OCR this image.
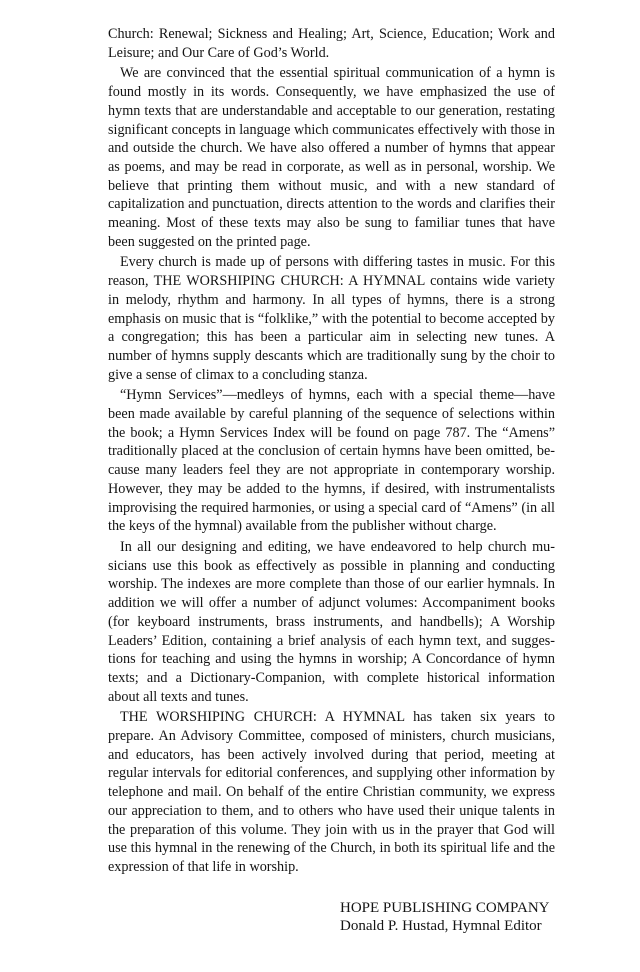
Church: Renewal; Sickness and Healing; Art, Science, Education; Work and Leisure; and Our Care of God’s World.

We are convinced that the essential spiritual communication of a hymn is found mostly in its words. Consequently, we have emphasized the use of hymn texts that are understandable and acceptable to our generation, restating significant concepts in language which communicates effectively with those in and outside the church. We have also offered a number of hymns that appear as poems, and may be read in corporate, as well as in personal, worship. We believe that printing them without music, and with a new standard of capitalization and punctuation, directs attention to the words and clarifies their meaning. Most of these texts may also be sung to familiar tunes that have been suggested on the printed page.

Every church is made up of persons with differing tastes in music. For this reason, THE WORSHIPING CHURCH: A HYMNAL contains wide variety in melody, rhythm and harmony. In all types of hymns, there is a strong emphasis on music that is “folklike,” with the potential to become accepted by a congregation; this has been a particular aim in selecting new tunes. A number of hymns supply descants which are traditionally sung by the choir to give a sense of climax to a concluding stanza.

“Hymn Services”—medleys of hymns, each with a special theme—have been made available by careful planning of the sequence of selections within the book; a Hymn Services Index will be found on page 787. The “Amens” traditionally placed at the conclusion of certain hymns have been omitted, because many leaders feel they are not appropriate in contemporary worship. However, they may be added to the hymns, if desired, with instrumentalists improvising the required harmonies, or using a special card of “Amens” (in all the keys of the hymnal) available from the publisher without charge.

In all our designing and editing, we have endeavored to help church musicians use this book as effectively as possible in planning and conducting worship. The indexes are more complete than those of our earlier hymnals. In addition we will offer a number of adjunct volumes: Accompaniment books (for keyboard instruments, brass instruments, and handbells); A Worship Leaders’ Edition, containing a brief analysis of each hymn text, and suggestions for teaching and using the hymns in worship; A Concordance of hymn texts; and a Dictionary-Companion, with complete historical information about all texts and tunes.

THE WORSHIPING CHURCH: A HYMNAL has taken six years to prepare. An Advisory Committee, composed of ministers, church musicians, and educators, has been actively involved during that period, meeting at regular intervals for editorial conferences, and supplying other information by telephone and mail. On behalf of the entire Christian community, we express our appreciation to them, and to others who have used their unique talents in the preparation of this volume. They join with us in the prayer that God will use this hymnal in the renewing of the Church, in both its spiritual life and the expression of that life in worship.

HOPE PUBLISHING COMPANY
Donald P. Hustad, Hymnal Editor
